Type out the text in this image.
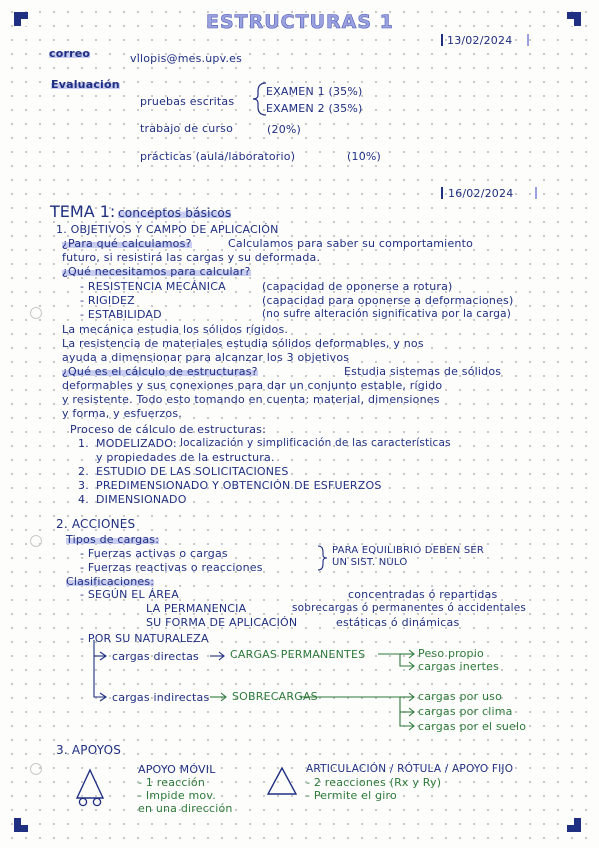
ESTRUCTURAS 1
13/02/2024
correo	vllopis@mes.upv.es
Evaluación
pruebas escritas
EXAMEN 1 (35%)
EXAMEN 2 (35%)
trabajo de curso	(20%)
prácticas (aula/laboratorio)	(10%)
16/02/2024
TEMA 1: conceptos básicos
1. OBJETIVOS Y CAMPO DE APLICACIÓN
¿Para qué calculamos?	Calculamos para saber su comportamiento
futuro, si resistirá las cargas y su deformada.
¿Qué necesitamos para calcular?
- RESISTENCIA MECÁNICA	(capacidad de oponerse a rotura)
- RIGIDEZ	(capacidad para oponerse a deformaciones)
- ESTABILIDAD	(no sufre alteración significativa por la carga)
La mecánica estudia los sólidos rígidos.
La resistencia de materiales estudia sólidos deformables, y nos
ayuda a dimensionar para alcanzar los 3 objetivos
¿Qué es el cálculo de estructuras?	Estudia sistemas de sólidos
deformables y sus conexiones para dar un conjunto estable, rígido
y resistente. Todo esto tomando en cuenta: material, dimensiones
y forma, y esfuerzos.
Proceso de cálculo de estructuras:
1. MODELIZADO: localización y simplificación de las características
y propiedades de la estructura.
2. ESTUDIO DE LAS SOLICITACIONES
3. PREDIMENSIONADO Y OBTENCIÓN DE ESFUERZOS
4. DIMENSIONADO
2. ACCIONES
Tipos de cargas:
- Fuerzas activas o cargas
- Fuerzas reactivas o reacciones
PARA EQUILIBRIO DEBEN SER
UN SIST. NULO
Clasificaciones:
- SEGÚN EL ÁREA	concentradas ó repartidas
LA PERMANENCIA	sobrecargas ó permanentes ó accidentales
SU FORMA DE APLICACIÓN	estáticas ó dinámicas
- POR SU NATURALEZA
cargas directas	CARGAS PERMANENTES	Peso propio
cargas inertes
cargas indirectas SOBRECARGAS	cargas por uso
cargas por clima
cargas por el suelo
3. APOYOS
APOYO MÓVIL
- 1 reacción
- Impide mov.
en una dirección
ARTICULACIÓN / RÓTULA / APOYO FIJO
- 2 reacciones (Rx y Ry)
- Permite el giro
